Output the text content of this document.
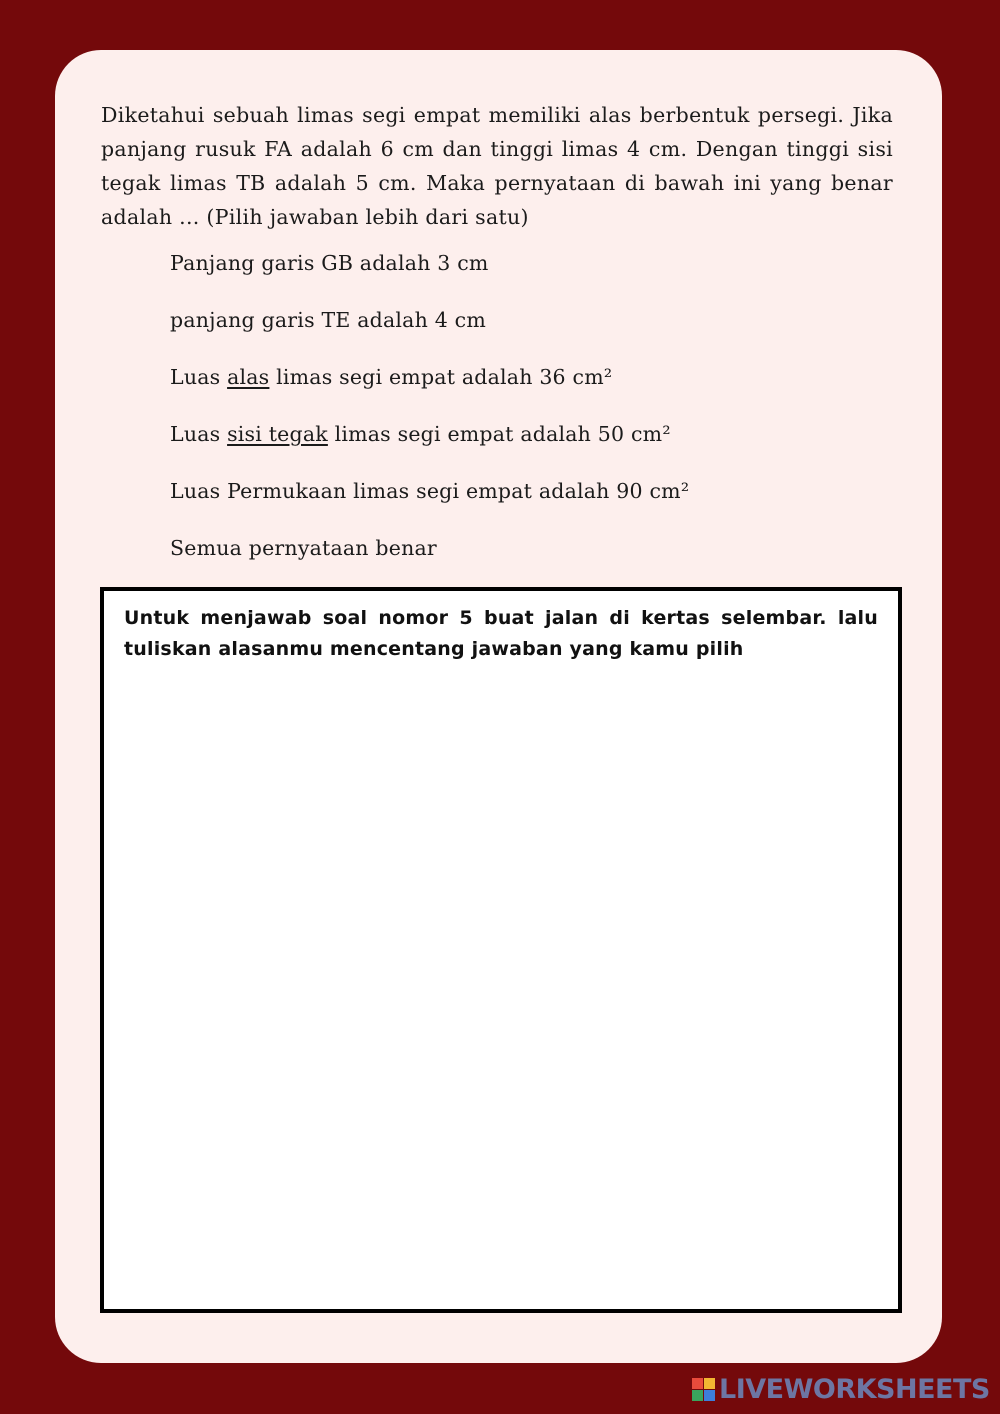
Diketahui sebuah limas segi empat memiliki alas berbentuk persegi. Jika panjang rusuk FA adalah 6 cm dan tinggi limas 4 cm. Dengan tinggi sisi tegak limas TB adalah 5 cm. Maka pernyataan di bawah ini yang benar adalah ... (Pilih jawaban lebih dari satu)

Panjang garis GB adalah 3 cm
panjang garis TE adalah 4 cm
Luas alas limas segi empat adalah 36 cm²
Luas sisi tegak limas segi empat adalah 50 cm²
Luas Permukaan limas segi empat adalah 90 cm²
Semua pernyataan benar

Untuk menjawab soal nomor 5 buat jalan di kertas selembar. lalu tuliskan alasanmu mencentang jawaban yang kamu pilih

LIVEWORKSHEETS
